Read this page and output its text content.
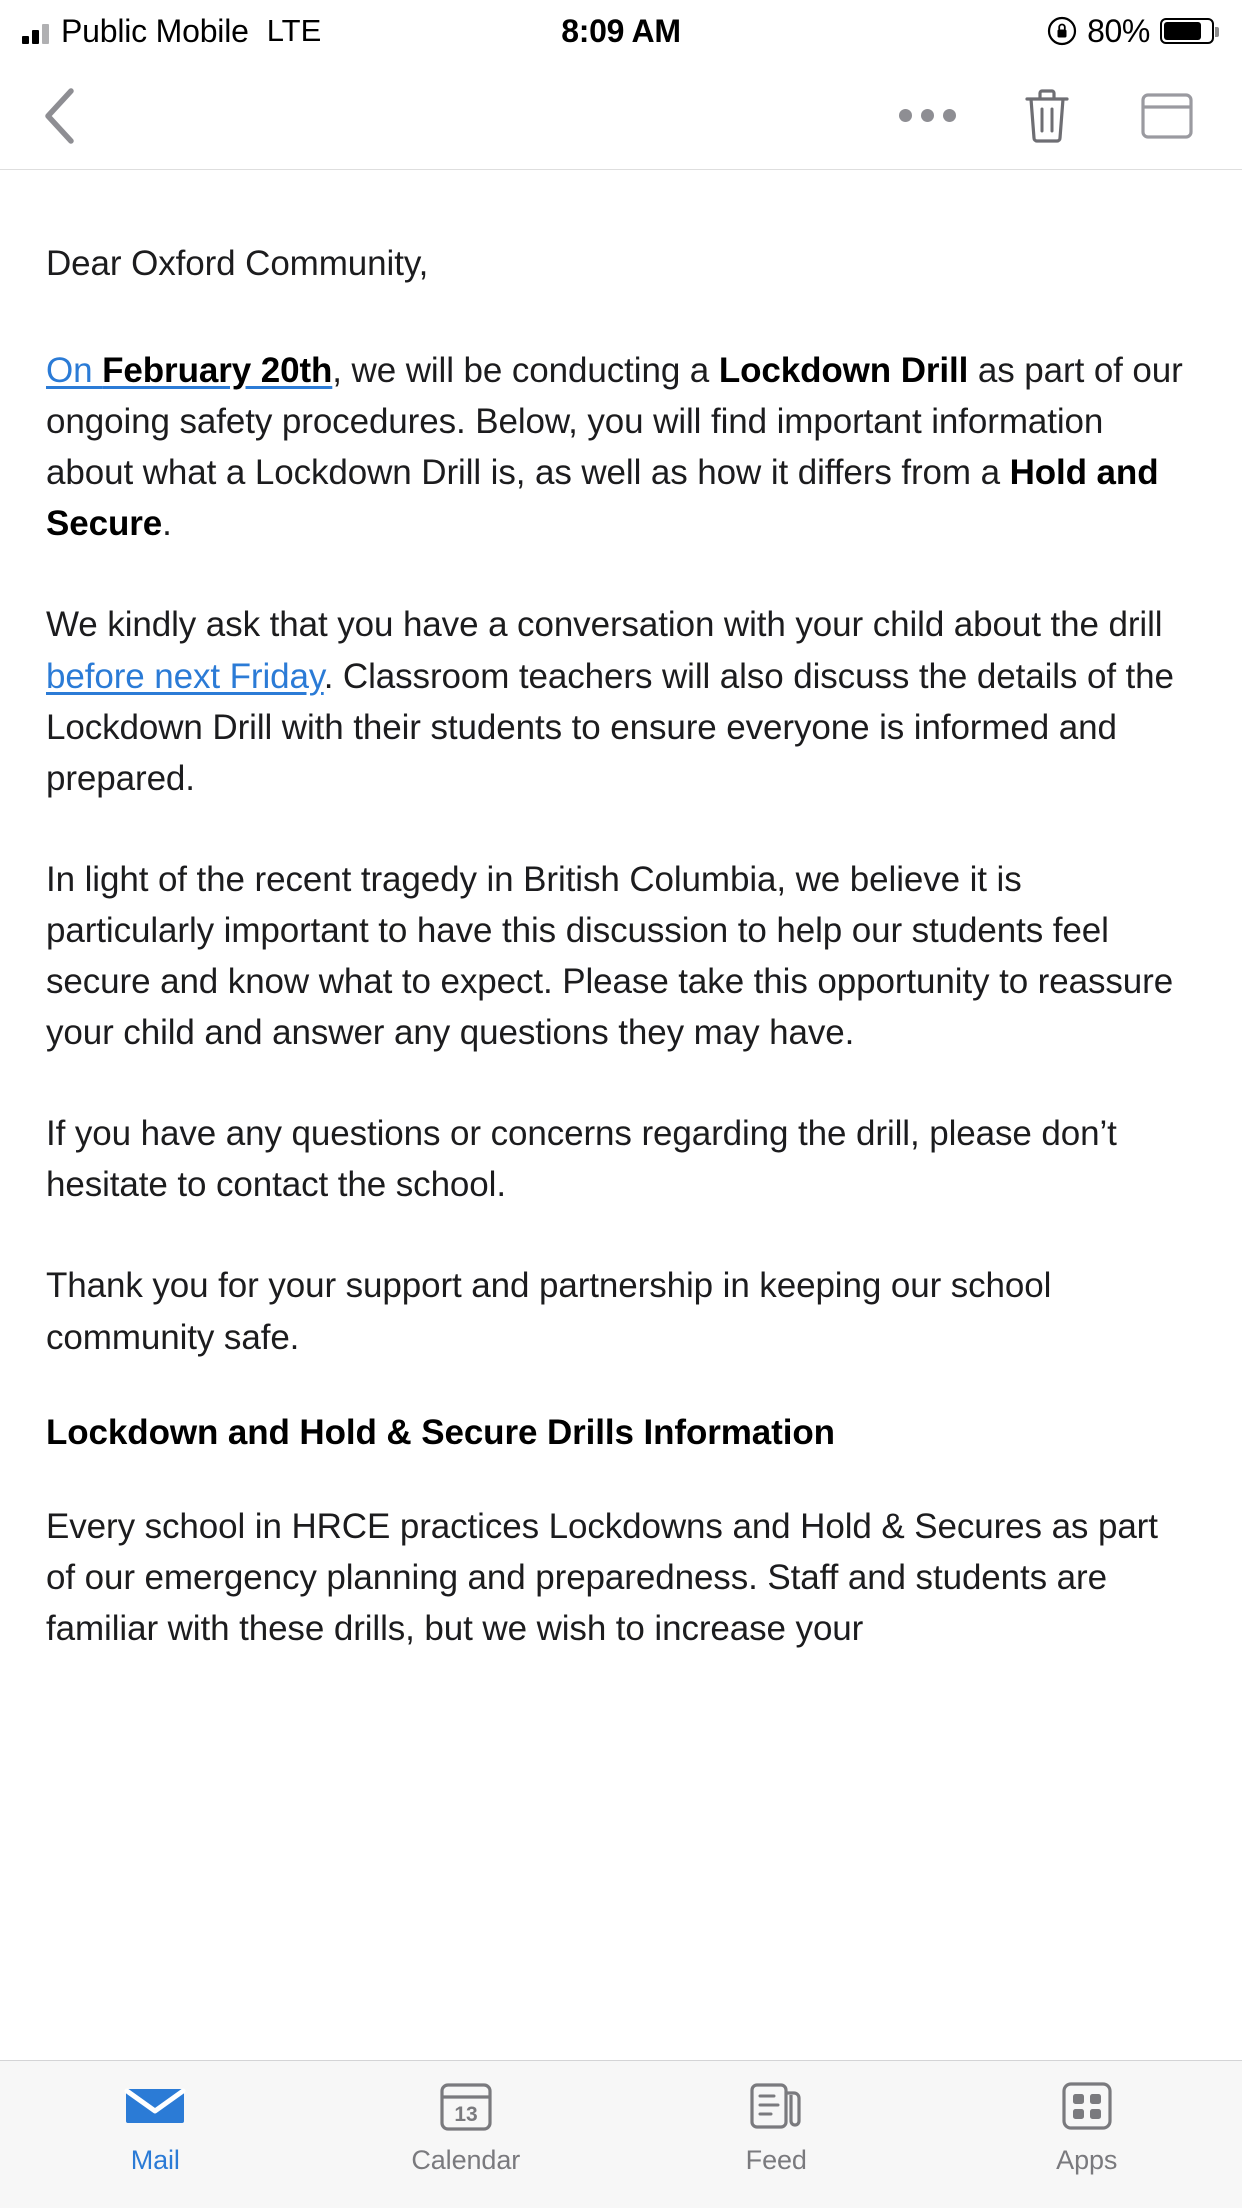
Public Mobile LTE	8:09 AM	80%

Dear Oxford Community,

On February 20th, we will be conducting a Lockdown Drill as part of our ongoing safety procedures. Below, you will find important information about what a Lockdown Drill is, as well as how it differs from a Hold and Secure.

We kindly ask that you have a conversation with your child about the drill before next Friday. Classroom teachers will also discuss the details of the Lockdown Drill with their students to ensure everyone is informed and prepared.

In light of the recent tragedy in British Columbia, we believe it is particularly important to have this discussion to help our students feel secure and know what to expect. Please take this opportunity to reassure your child and answer any questions they may have.

If you have any questions or concerns regarding the drill, please don’t hesitate to contact the school.

Thank you for your support and partnership in keeping our school community safe.

Lockdown and Hold & Secure Drills Information

Every school in HRCE practices Lockdowns and Hold & Secures as part of our emergency planning and preparedness. Staff and students are familiar with these drills, but we wish to increase your

Mail
13
Calendar	Feed	Apps
